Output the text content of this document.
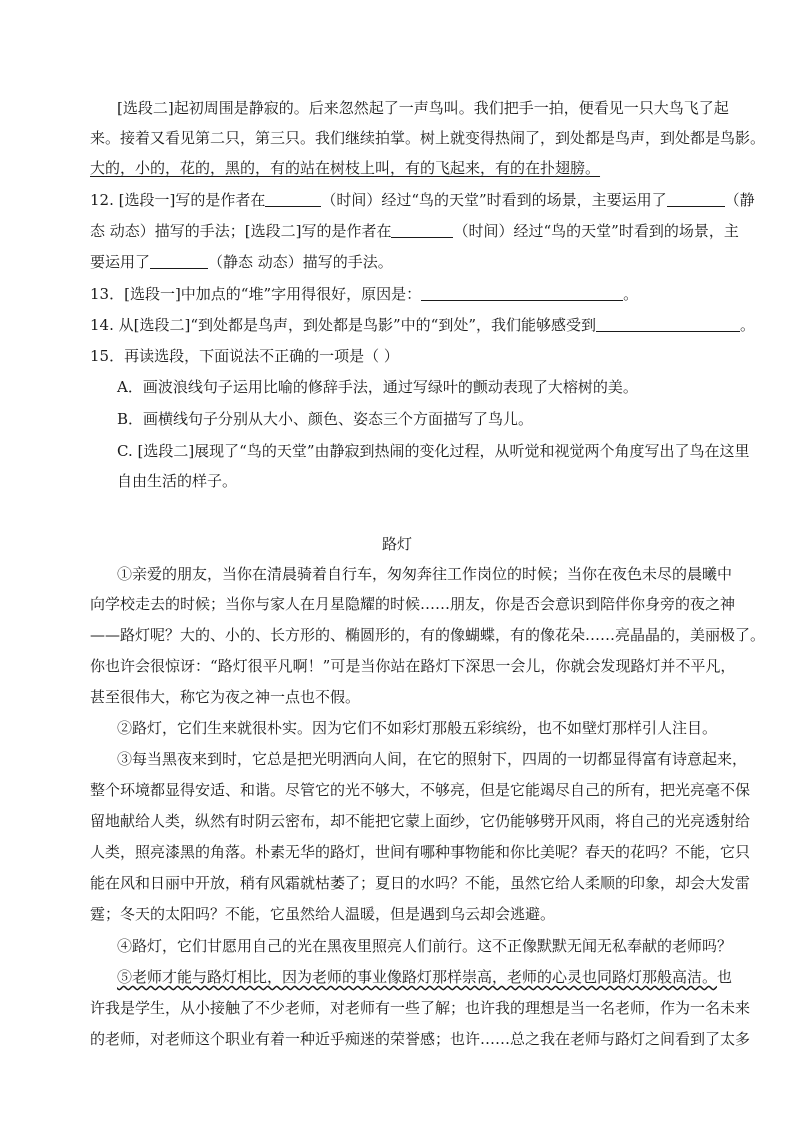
[选段二]起初周围是静寂的。后来忽然起了一声鸟叫。我们把手一拍，便看见一只大鸟飞了起
来。接着又看见第二只，第三只。我们继续拍掌。树上就变得热闹了，到处都是鸟声，到处都是鸟影。
大的，小的，花的，黑的，有的站在树枝上叫，有的飞起来，有的在扑翅膀。
12. [选段一]写的是作者在	（时间）经过“鸟的天堂”时看到的场景，主要运用了	（静
态 动态）描写的手法；[选段二]写的是作者在	（时间）经过“鸟的天堂”时看到的场景，主
要运用了	（静态 动态）描写的手法。
13．[选段一]中加点的“堆”字用得很好，原因是：	。
14. 从[选段二]“到处都是鸟声，到处都是鸟影”中的“到处”，我们能够感受到	。
15．再读选段，下面说法不正确的一项是（ ）
A．画波浪线句子运用比喻的修辞手法，通过写绿叶的颤动表现了大榕树的美。
B．画横线句子分别从大小、颜色、姿态三个方面描写了鸟儿。
C. [选段二]展现了“鸟的天堂”由静寂到热闹的变化过程，从听觉和视觉两个角度写出了鸟在这里
自由生活的样子。
路灯
①亲爱的朋友，当你在清晨骑着自行车，匆匆奔往工作岗位的时候；当你在夜色未尽的晨曦中
向学校走去的时候；当你与家人在月星隐耀的时候……朋友，你是否会意识到陪伴你身旁的夜之神
——路灯呢？大的、小的、长方形的、椭圆形的，有的像蝴蝶，有的像花朵……亮晶晶的，美丽极了。
你也许会很惊讶：“路灯很平凡啊！”可是当你站在路灯下深思一会儿，你就会发现路灯并不平凡，
甚至很伟大，称它为夜之神一点也不假。
②路灯，它们生来就很朴实。因为它们不如彩灯那般五彩缤纷，也不如壁灯那样引人注目。
③每当黑夜来到时，它总是把光明洒向人间，在它的照射下，四周的一切都显得富有诗意起来，
整个环境都显得安适、和谐。尽管它的光不够大，不够亮，但是它能竭尽自己的所有，把光亮毫不保
留地献给人类，纵然有时阴云密布，却不能把它蒙上面纱，它仍能够劈开风雨，将自己的光亮透射给
人类，照亮漆黑的角落。朴素无华的路灯，世间有哪种事物能和你比美呢？春天的花吗？不能，它只
能在风和日丽中开放，稍有风霜就枯萎了；夏日的水吗？不能，虽然它给人柔顺的印象，却会大发雷
霆；冬天的太阳吗？不能，它虽然给人温暖，但是遇到乌云却会逃避。
④路灯，它们甘愿用自己的光在黑夜里照亮人们前行。这不正像默默无闻无私奉献的老师吗？
⑤老师才能与路灯相比，因为老师的事业像路灯那样崇高，老师的心灵也同路灯那般高洁。也
许我是学生，从小接触了不少老师，对老师有一些了解；也许我的理想是当一名老师，作为一名未来
的老师，对老师这个职业有着一种近乎痴迷的荣誉感；也许……总之我在老师与路灯之间看到了太多
